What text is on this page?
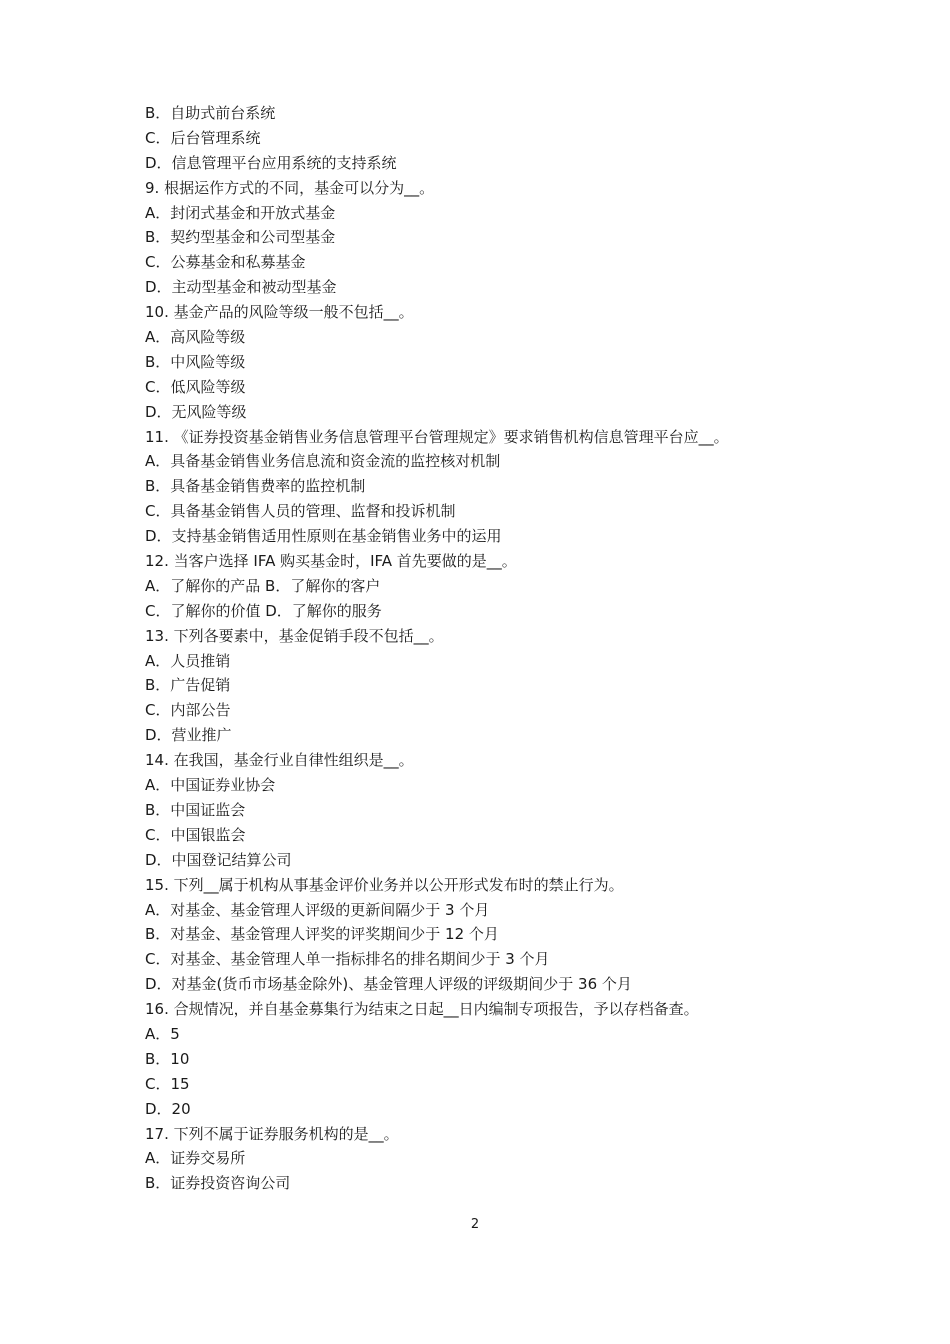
B．自助式前台系统
C．后台管理系统
D．信息管理平台应用系统的支持系统
9. 根据运作方式的不同，基金可以分为__。
A．封闭式基金和开放式基金
B．契约型基金和公司型基金
C．公募基金和私募基金
D．主动型基金和被动型基金
10. 基金产品的风险等级一般不包括__。
A．高风险等级
B．中风险等级
C．低风险等级
D．无风险等级
11. 《证券投资基金销售业务信息管理平台管理规定》要求销售机构信息管理平台应__。
A．具备基金销售业务信息流和资金流的监控核对机制
B．具备基金销售费率的监控机制
C．具备基金销售人员的管理、监督和投诉机制
D．支持基金销售适用性原则在基金销售业务中的运用
12. 当客户选择 IFA 购买基金时，IFA 首先要做的是__。
A．了解你的产品 B．了解你的客户
C．了解你的价值 D．了解你的服务
13. 下列各要素中，基金促销手段不包括__。
A．人员推销
B．广告促销
C．内部公告
D．营业推广
14. 在我国，基金行业自律性组织是__。
A．中国证券业协会
B．中国证监会
C．中国银监会
D．中国登记结算公司
15. 下列__属于机构从事基金评价业务并以公开形式发布时的禁止行为。
A．对基金、基金管理人评级的更新间隔少于 3 个月
B．对基金、基金管理人评奖的评奖期间少于 12 个月
C．对基金、基金管理人单一指标排名的排名期间少于 3 个月
D．对基金(货币市场基金除外)、基金管理人评级的评级期间少于 36 个月
16. 合规情况，并自基金募集行为结束之日起__日内编制专项报告，予以存档备查。
A．5
B．10
C．15
D．20
17. 下列不属于证券服务机构的是__。
A．证券交易所
B．证券投资咨询公司
2
